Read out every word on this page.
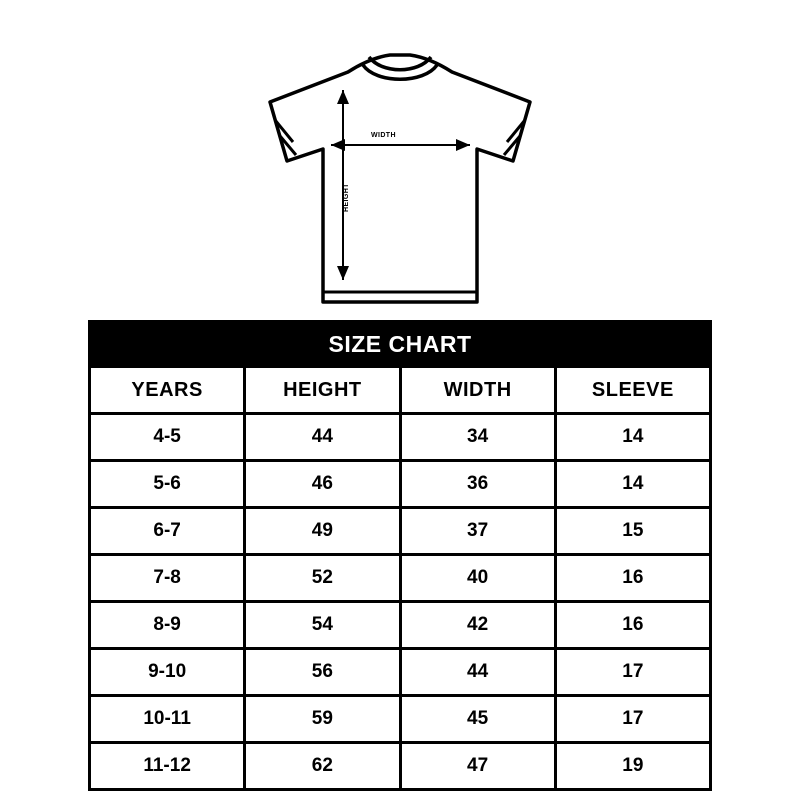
WIDTH
HEIGHT
SIZE CHART			
YEARS	HEIGHT	WIDTH	SLEEVE
4-5	44	34	14
5-6	46	36	14
6-7	49	37	15
7-8	52	40	16
8-9	54	42	16
9-10	56	44	17
10-11	59	45	17
11-12	62	47	19
